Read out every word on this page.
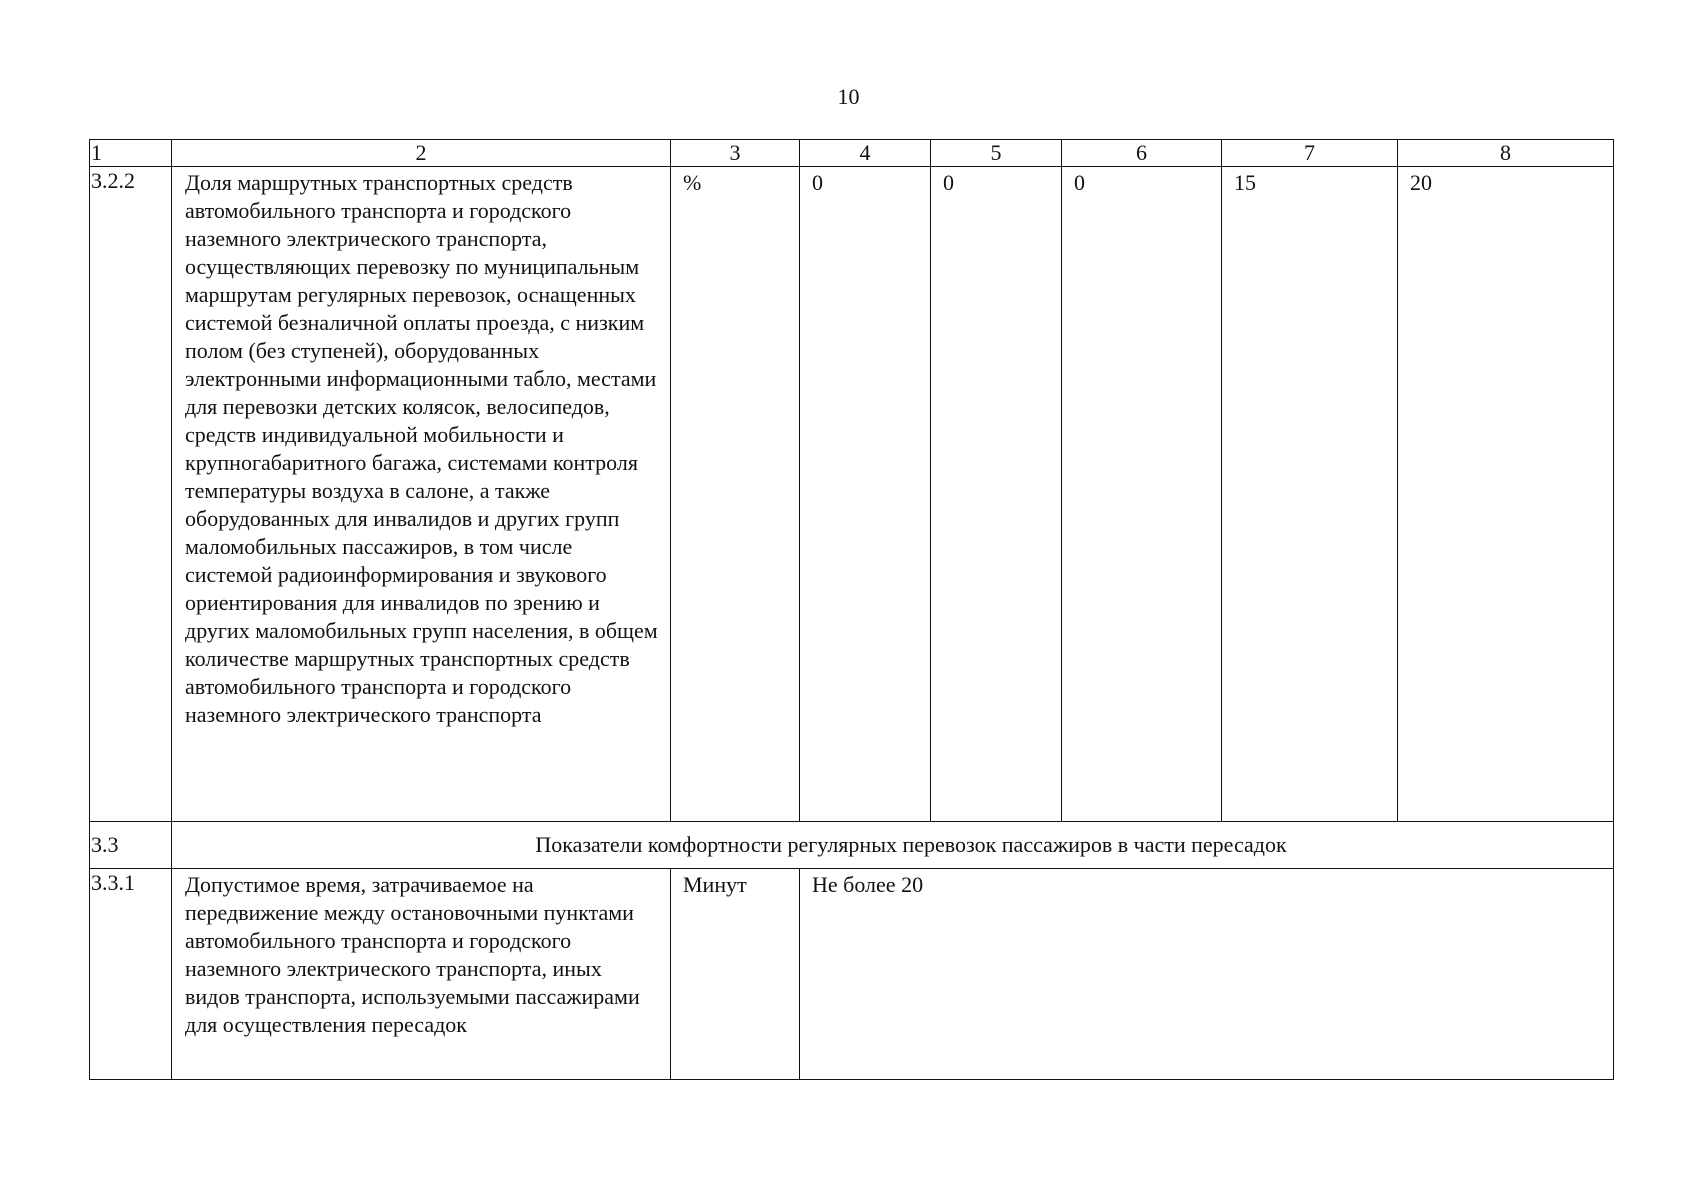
10
1	2	3	4	5	6	7	8
3.2.2	Доля маршрутных транспортных средств автомобильного транспорта и городского наземного электрического транспорта, осуществляющих перевозку по муниципальным маршрутам регулярных перевозок, оснащенных системой безналичной оплаты проезда, с низким полом (без ступеней), оборудованных электронными информационными табло, местами для перевозки детских колясок, велосипедов, средств индивидуальной мобильности и крупногабаритного багажа, системами контроля температуры воздуха в салоне, а также оборудованных для инвалидов и других групп маломобильных пассажиров, в том числе системой радиоинформирования и звукового ориентирования для инвалидов по зрению и других маломобильных групп населения, в общем количестве маршрутных транспортных средств автомобильного транспорта и городского наземного электрического транспорта	%	0	0	0	15	20
3.3	Показатели комфортности регулярных перевозок пассажиров в части пересадок						
3.3.1	Допустимое время, затрачиваемое на передвижение между остановочными пунктами автомобильного транспорта и городского наземного электрического транспорта, иных видов транспорта, используемыми пассажирами для осуществления пересадок	Минут	Не более 20				
